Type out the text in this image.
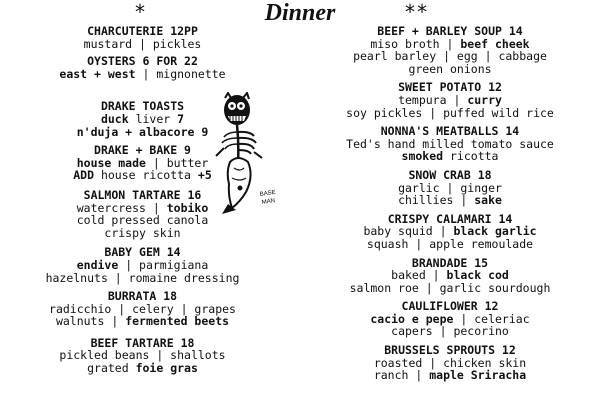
*	Dinner	**
CHARCUTERIE 12PP
mustard | pickles
OYSTERS 6 FOR 22
east + west | mignonette
DRAKE TOASTS
duck liver 7
n'duja + albacore 9
DRAKE + BAKE 9
house made | butter
ADD house ricotta +5
SALMON TARTARE 16
watercress | tobiko
cold pressed canola
crispy skin
BABY GEM 14
endive | parmigiana
hazelnuts | romaine dressing
BURRATA 18
radicchio | celery | grapes
walnuts | fermented beets
BEEF TARTARE 18
pickled beans | shallots
grated foie gras
BEEF + BARLEY SOUP 14
miso broth | beef cheek
pearl barley | egg | cabbage
green onions
SWEET POTATO 12
tempura | curry
soy pickles | puffed wild rice
NONNA'S MEATBALLS 14
Ted's hand milled tomato sauce
smoked ricotta
SNOW CRAB 18
garlic | ginger
chillies | sake
CRISPY CALAMARI 14
baby squid | black garlic
squash | apple remoulade
BRANDADE 15
baked | black cod
salmon roe | garlic sourdough
CAULIFLOWER 12
cacio e pepe | celeriac
capers | pecorino
BRUSSELS SPROUTS 12
roasted | chicken skin
ranch | maple Sriracha
BASE
MAN
